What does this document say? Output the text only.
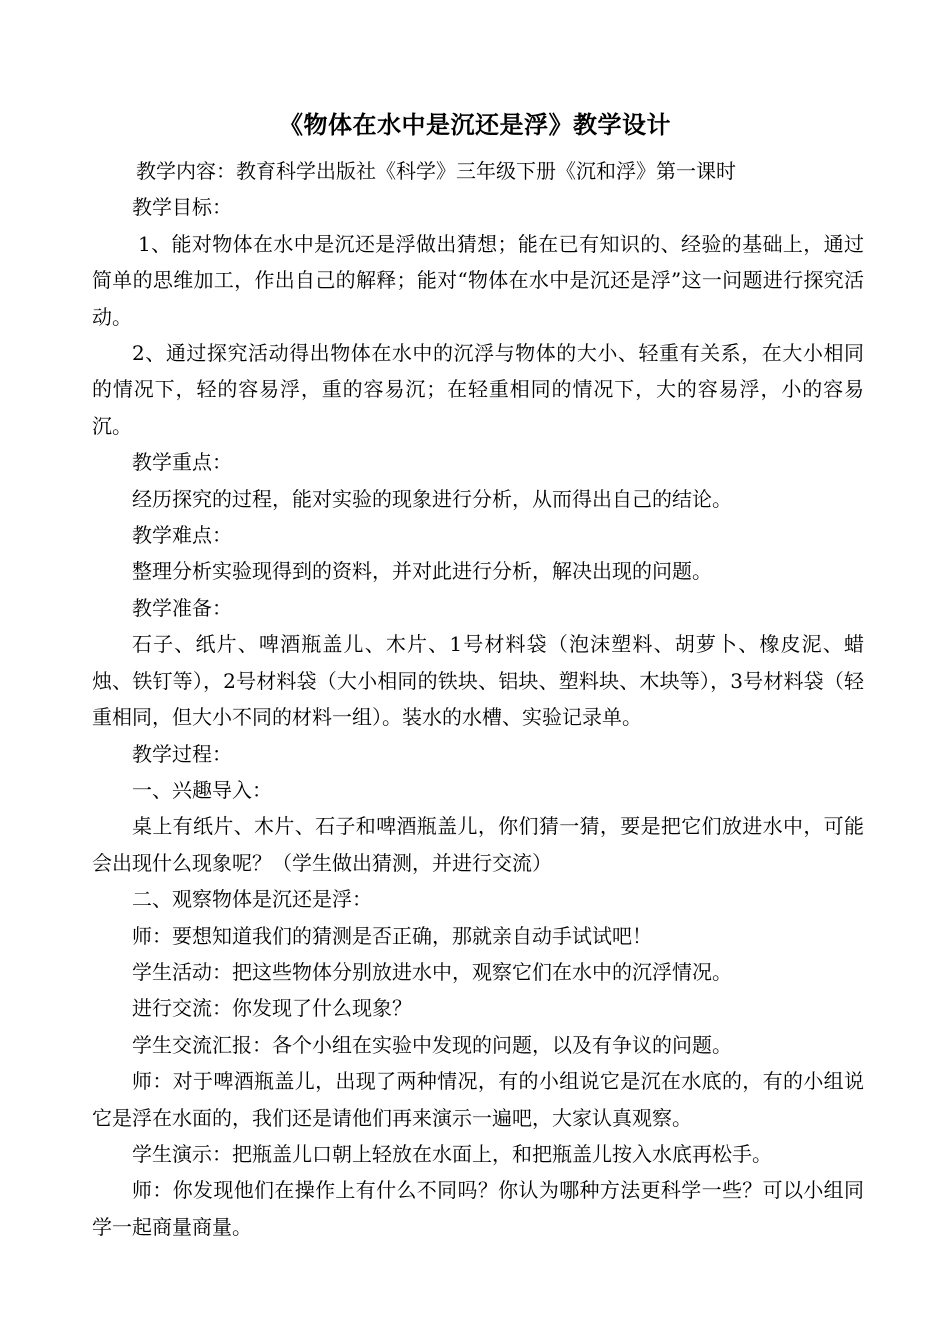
《物体在水中是沉还是浮》教学设计

教学内容：教育科学出版社《科学》三年级下册《沉和浮》第一课时

教学目标：

1、能对物体在水中是沉还是浮做出猜想；能在已有知识的、经验的基础上，通过简单的思维加工，作出自己的解释；能对“物体在水中是沉还是浮”这一问题进行探究活动。

2、通过探究活动得出物体在水中的沉浮与物体的大小、轻重有关系，在大小相同的情况下，轻的容易浮，重的容易沉；在轻重相同的情况下，大的容易浮，小的容易沉。

教学重点：

经历探究的过程，能对实验的现象进行分析，从而得出自己的结论。

教学难点：

整理分析实验现得到的资料，并对此进行分析，解决出现的问题。

教学准备：

石子、纸片、啤酒瓶盖儿、木片、1号材料袋（泡沫塑料、胡萝卜、橡皮泥、蜡烛、铁钉等），2号材料袋（大小相同的铁块、铝块、塑料块、木块等），3号材料袋（轻重相同，但大小不同的材料一组）。装水的水槽、实验记录单。

教学过程：

一、兴趣导入：

桌上有纸片、木片、石子和啤酒瓶盖儿，你们猜一猜，要是把它们放进水中，可能会出现什么现象呢？（学生做出猜测，并进行交流）

二、观察物体是沉还是浮：

师：要想知道我们的猜测是否正确，那就亲自动手试试吧！

学生活动：把这些物体分别放进水中，观察它们在水中的沉浮情况。

进行交流：你发现了什么现象？

学生交流汇报：各个小组在实验中发现的问题，以及有争议的问题。

师：对于啤酒瓶盖儿，出现了两种情况，有的小组说它是沉在水底的，有的小组说它是浮在水面的，我们还是请他们再来演示一遍吧，大家认真观察。

学生演示：把瓶盖儿口朝上轻放在水面上，和把瓶盖儿按入水底再松手。

师：你发现他们在操作上有什么不同吗？你认为哪种方法更科学一些？可以小组同学一起商量商量。
